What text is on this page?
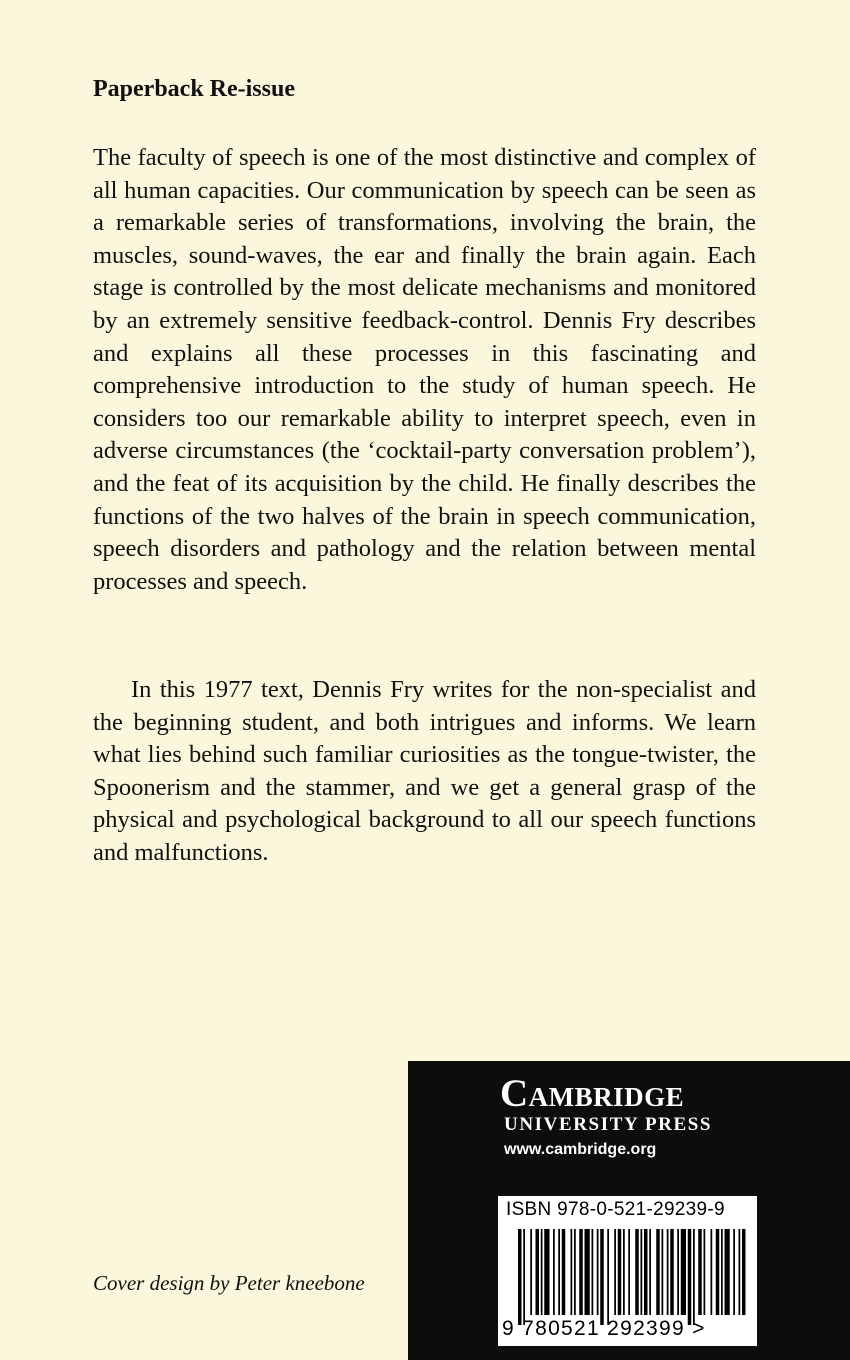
Paperback Re-issue

The faculty of speech is one of the most distinctive and complex of all human capacities. Our communication by speech can be seen as a remarkable series of transformations, involving the brain, the muscles, sound-waves, the ear and finally the brain again. Each stage is controlled by the most delicate mechanisms and monitored by an extremely sensitive feedback-control. Dennis Fry describes and explains all these processes in this fascinating and comprehensive introduction to the study of human speech. He considers too our remarkable ability to interpret speech, even in adverse circumstances (the ‘cocktail-party conversation problem’), and the feat of its acquisition by the child. He finally describes the functions of the two halves of the brain in speech communication, speech disorders and pathology and the relation between mental processes and speech.

In this 1977 text, Dennis Fry writes for the non-specialist and the beginning student, and both intrigues and informs. We learn what lies behind such familiar curiosities as the tongue-twister, the Spoonerism and the stammer, and we get a general grasp of the physical and psychological background to all our speech functions and malfunctions.

Cover design by Peter kneebone
Cambridge
UNIVERSITY PRESS
www.cambridge.org
ISBN 978-0-521-29239-9
9 780521 292399 >
